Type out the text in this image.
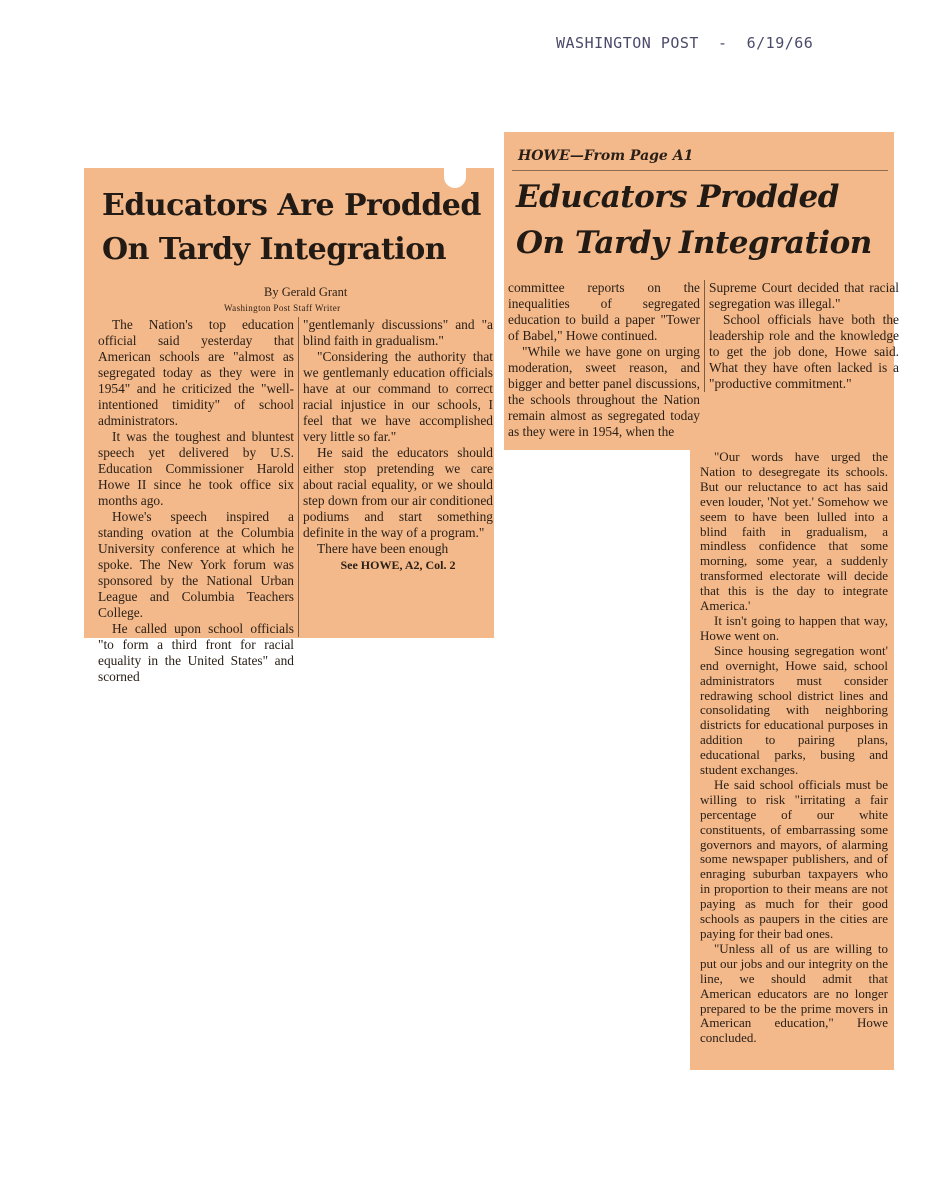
WASHINGTON POST  -  6/19/66
Educators Are Prodded On Tardy Integration
By Gerald Grant
Washington Post Staff Writer

The Nation's top education official said yesterday that American schools are "almost as segregated today as they were in 1954" and he criticized the "well-intentioned timidity" of school administrators.

It was the toughest and bluntest speech yet delivered by U.S. Education Commissioner Harold Howe II since he took office six months ago.

Howe's speech inspired a standing ovation at the Columbia University conference at which he spoke. The New York forum was sponsored by the National Urban League and Columbia Teachers College.

He called upon school officials "to form a third front for racial equality in the United States" and scorned

"gentlemanly discussions" and "a blind faith in gradualism."

"Considering the authority that we gentlemanly education officials have at our command to correct racial injustice in our schools, I feel that we have accomplished very little so far."

He said the educators should either stop pretending we care about racial equality, or we should step down from our air conditioned podiums and start something definite in the way of a program."

There have been enough

See HOWE, A2, Col. 2

HOWE—From Page A1
Educators Prodded On Tardy Integration

committee reports on the inequalities of segregated education to build a paper "Tower of Babel," Howe continued.

"While we have gone on urging moderation, sweet reason, and bigger and better panel discussions, the schools throughout the Nation remain almost as segregated today as they were in 1954, when the

Supreme Court decided that racial segregation was illegal."

School officials have both the leadership role and the knowledge to get the job done, Howe said. What they have often lacked is a "productive commitment."

"Our words have urged the Nation to desegregate its schools. But our reluctance to act has said even louder, 'Not yet.' Somehow we seem to have been lulled into a blind faith in gradualism, a mindless confidence that some morning, some year, a suddenly transformed electorate will decide that this is the day to integrate America.'

It isn't going to happen that way, Howe went on.

Since housing segregation wont' end overnight, Howe said, school administrators must consider redrawing school district lines and consolidating with neighboring districts for educational purposes in addition to pairing plans, educational parks, busing and student exchanges.

He said school officials must be willing to risk "irritating a fair percentage of our white constituents, of embarrassing some governors and mayors, of alarming some newspaper publishers, and of enraging suburban taxpayers who in proportion to their means are not paying as much for their good schools as paupers in the cities are paying for their bad ones.

"Unless all of us are willing to put our jobs and our integrity on the line, we should admit that American educators are no longer prepared to be the prime movers in American education," Howe concluded.
